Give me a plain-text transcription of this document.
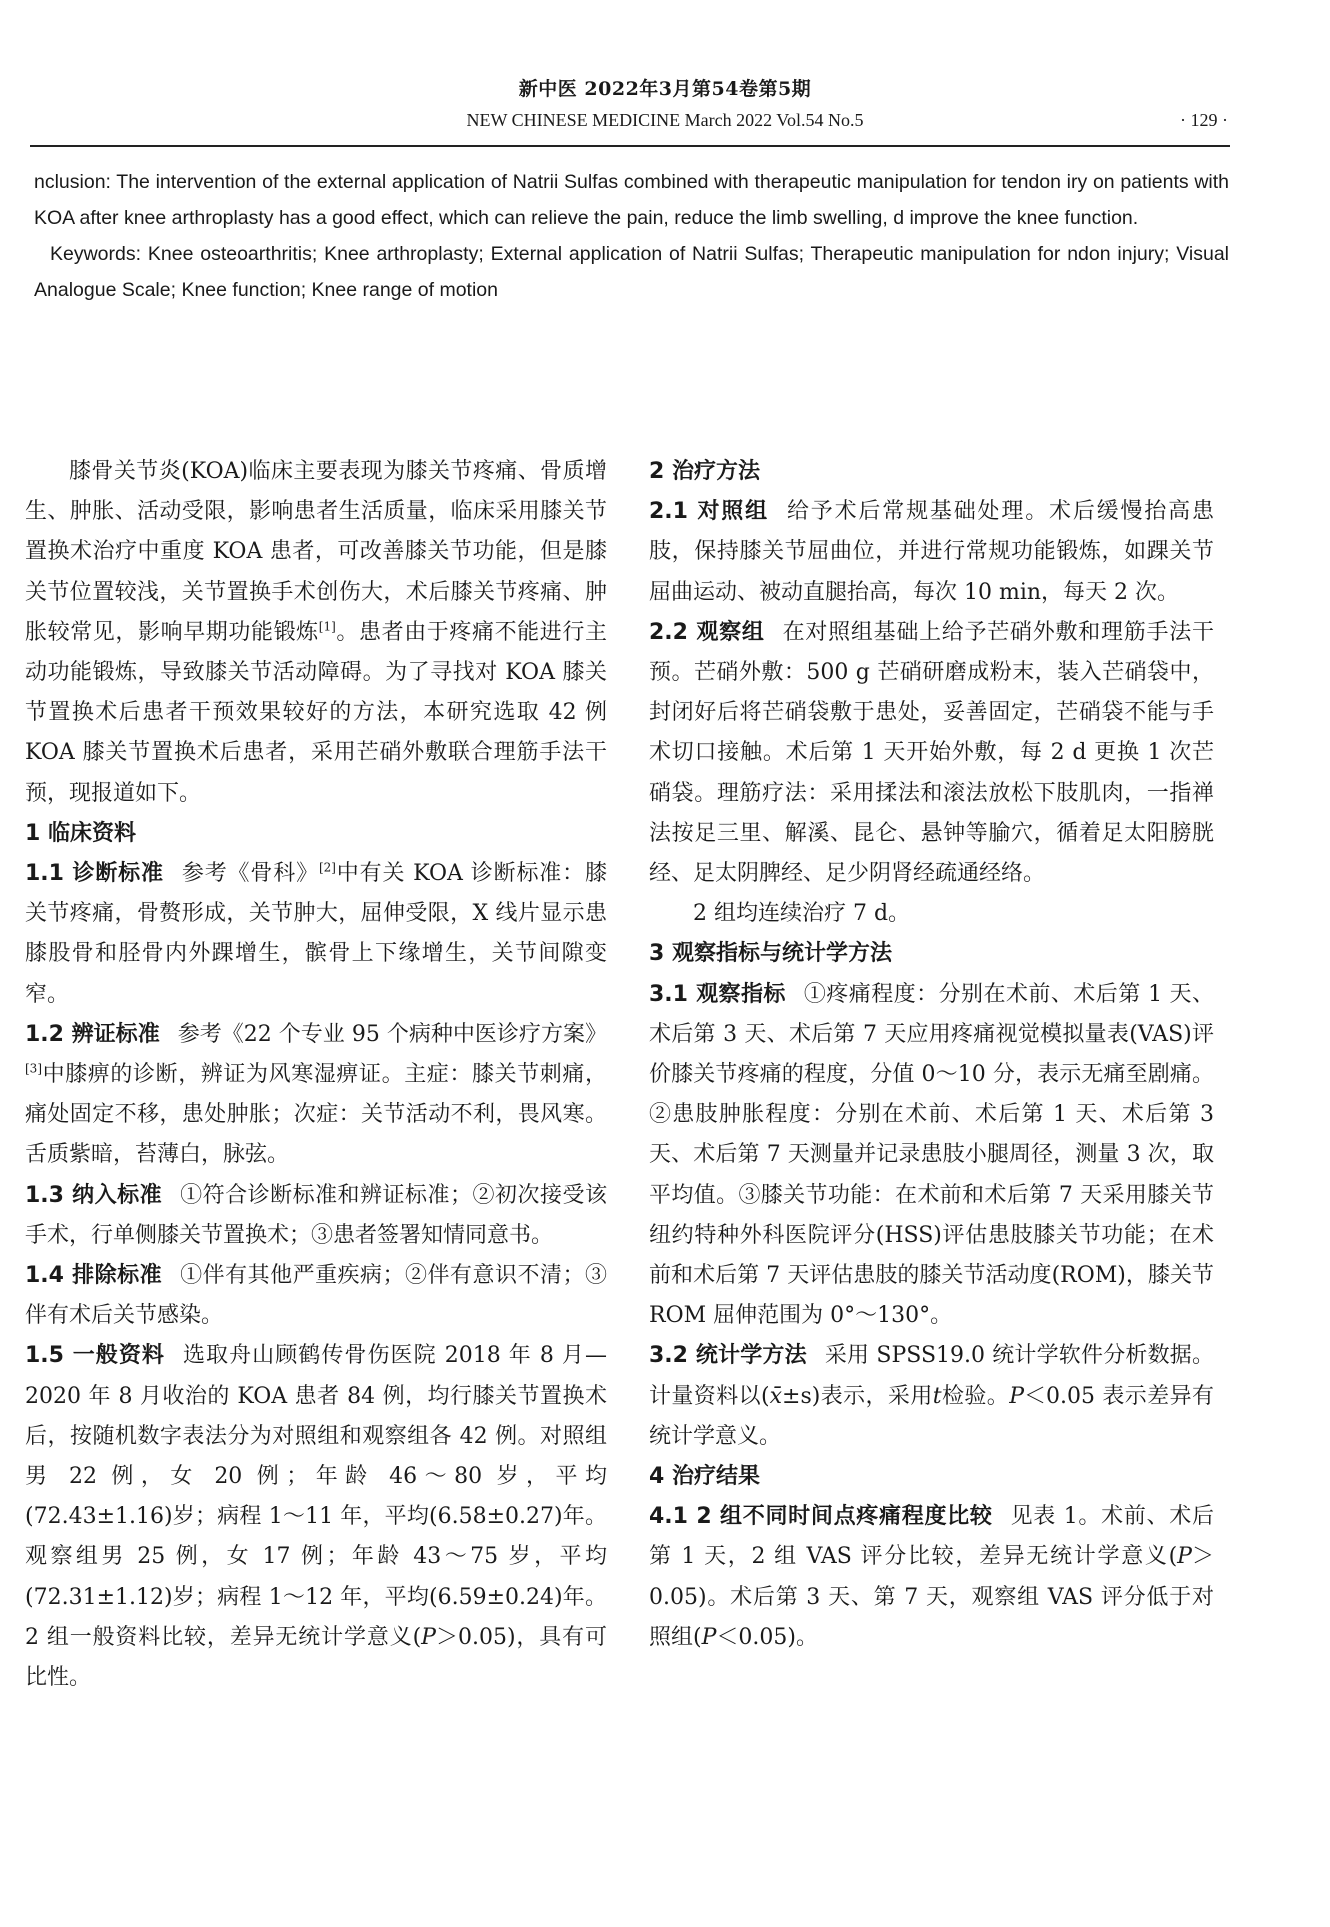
新中医 2022年3月第54卷第5期
NEW CHINESE MEDICINE March 2022 Vol.54 No.5	· 129 ·

nclusion: The intervention of the external application of Natrii Sulfas combined with therapeutic manipulation for tendon iry on patients with KOA after knee arthroplasty has a good effect, which can relieve the pain, reduce the limb swelling, d improve the knee function.

Keywords: Knee osteoarthritis; Knee arthroplasty; External application of Natrii Sulfas; Therapeutic manipulation for ndon injury; Visual Analogue Scale; Knee function; Knee range of motion

膝骨关节炎(KOA)临床主要表现为膝关节疼痛、骨质增生、肿胀、活动受限，影响患者生活质量，临床采用膝关节置换术治疗中重度 KOA 患者，可改善膝关节功能，但是膝关节位置较浅，关节置换手术创伤大，术后膝关节疼痛、肿胀较常见，影响早期功能锻炼[1]。患者由于疼痛不能进行主动功能锻炼，导致膝关节活动障碍。为了寻找对 KOA 膝关节置换术后患者干预效果较好的方法，本研究选取 42 例 KOA 膝关节置换术后患者，采用芒硝外敷联合理筋手法干预，现报道如下。

1 临床资料

1.1 诊断标准 参考《骨科》[2]中有关 KOA 诊断标准：膝关节疼痛，骨赘形成，关节肿大，屈伸受限，X 线片显示患膝股骨和胫骨内外踝增生，髌骨上下缘增生，关节间隙变窄。

1.2 辨证标准 参考《22 个专业 95 个病种中医诊疗方案》[3]中膝痹的诊断，辨证为风寒湿痹证。主症：膝关节刺痛，痛处固定不移，患处肿胀；次症：关节活动不利，畏风寒。舌质紫暗，苔薄白，脉弦。

1.3 纳入标准 ①符合诊断标准和辨证标准；②初次接受该手术，行单侧膝关节置换术；③患者签署知情同意书。

1.4 排除标准 ①伴有其他严重疾病；②伴有意识不清；③伴有术后关节感染。

1.5 一般资料 选取舟山顾鹤传骨伤医院 2018 年 8 月—2020 年 8 月收治的 KOA 患者 84 例，均行膝关节置换术后，按随机数字表法分为对照组和观察组各 42 例。对照组男 22 例，女 20 例；年龄 46～80 岁，平均(72.43±1.16)岁；病程 1～11 年，平均(6.58±0.27)年。观察组男 25 例，女 17 例；年龄 43～75 岁，平均(72.31±1.12)岁；病程 1～12 年，平均(6.59±0.24)年。2 组一般资料比较，差异无统计学意义(P＞0.05)，具有可比性。

2 治疗方法

2.1 对照组 给予术后常规基础处理。术后缓慢抬高患肢，保持膝关节屈曲位，并进行常规功能锻炼，如踝关节屈曲运动、被动直腿抬高，每次 10 min，每天 2 次。

2.2 观察组 在对照组基础上给予芒硝外敷和理筋手法干预。芒硝外敷：500 g 芒硝研磨成粉末，装入芒硝袋中，封闭好后将芒硝袋敷于患处，妥善固定，芒硝袋不能与手术切口接触。术后第 1 天开始外敷，每 2 d 更换 1 次芒硝袋。理筋疗法：采用揉法和滚法放松下肢肌肉，一指禅法按足三里、解溪、昆仑、悬钟等腧穴，循着足太阳膀胱经、足太阴脾经、足少阴肾经疏通经络。

2 组均连续治疗 7 d。

3 观察指标与统计学方法

3.1 观察指标 ①疼痛程度：分别在术前、术后第 1 天、术后第 3 天、术后第 7 天应用疼痛视觉模拟量表(VAS)评价膝关节疼痛的程度，分值 0～10 分，表示无痛至剧痛。②患肢肿胀程度：分别在术前、术后第 1 天、术后第 3 天、术后第 7 天测量并记录患肢小腿周径，测量 3 次，取平均值。③膝关节功能：在术前和术后第 7 天采用膝关节纽约特种外科医院评分(HSS)评估患肢膝关节功能；在术前和术后第 7 天评估患肢的膝关节活动度(ROM)，膝关节 ROM 屈伸范围为 0°～130°。

3.2 统计学方法 采用 SPSS19.0 统计学软件分析数据。计量资料以(x̄±s)表示，采用t检验。P＜0.05 表示差异有统计学意义。

4 治疗结果

4.1 2 组不同时间点疼痛程度比较 见表 1。术前、术后第 1 天，2 组 VAS 评分比较，差异无统计学意义(P＞0.05)。术后第 3 天、第 7 天，观察组 VAS 评分低于对照组(P＜0.05)。
